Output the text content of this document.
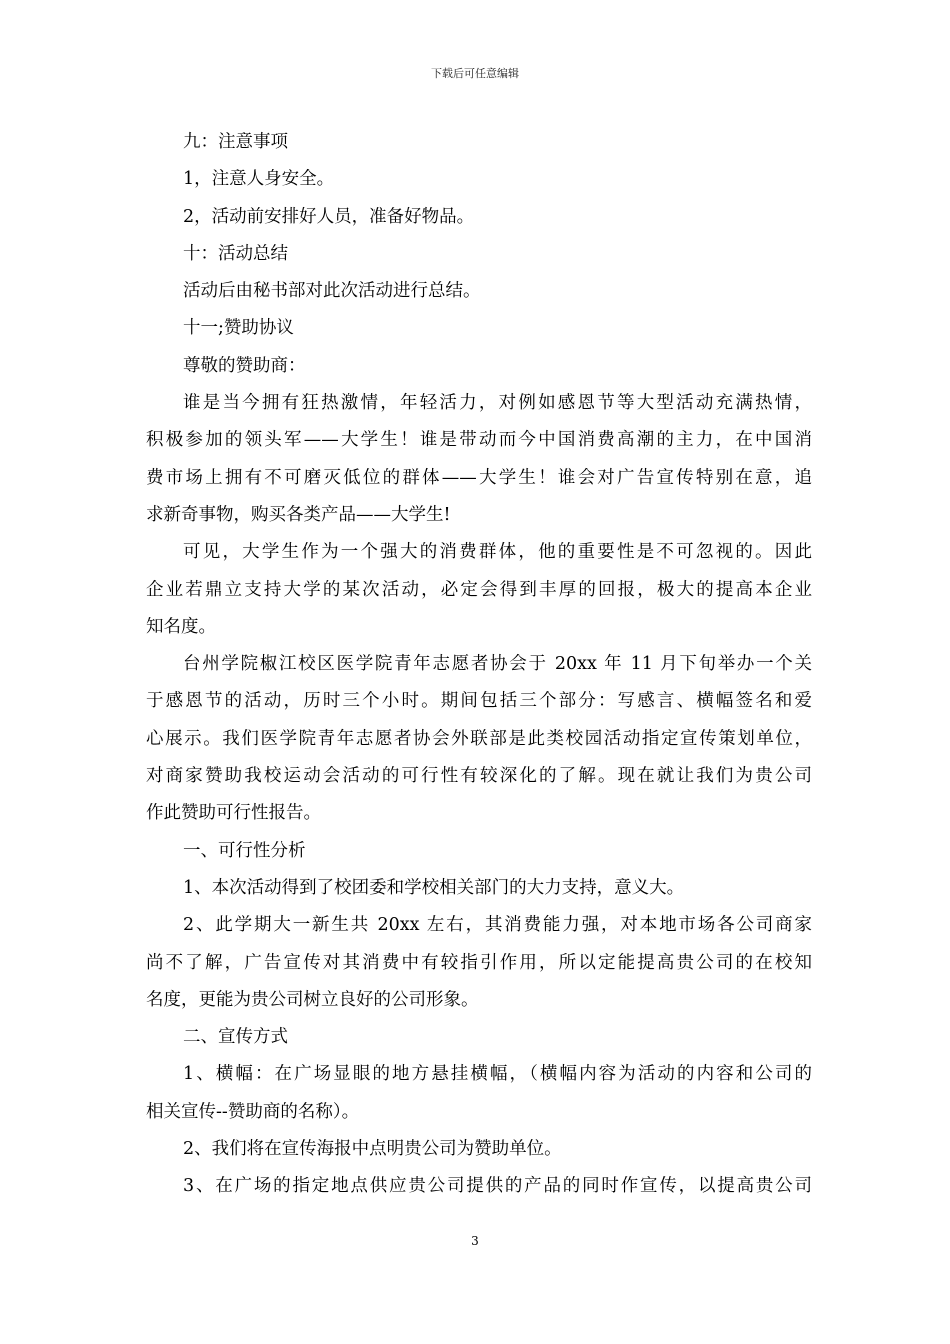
下载后可任意编辑
九：注意事项
1，注意人身安全。
2，活动前安排好人员，准备好物品。
十：活动总结
活动后由秘书部对此次活动进行总结。
十一;赞助协议
尊敬的赞助商：
谁是当今拥有狂热激情，年轻活力，对例如感恩节等大型活动充满热情，
积极参加的领头军——大学生！谁是带动而今中国消费高潮的主力，在中国消
费市场上拥有不可磨灭低位的群体——大学生！谁会对广告宣传特别在意，追
求新奇事物，购买各类产品——大学生!
可见，大学生作为一个强大的消费群体，他的重要性是不可忽视的。因此
企业若鼎立支持大学的某次活动，必定会得到丰厚的回报，极大的提高本企业
知名度。
台州学院椒江校区医学院青年志愿者协会于 20xx 年 11 月下旬举办一个关
于感恩节的活动，历时三个小时。期间包括三个部分：写感言、横幅签名和爱
心展示。我们医学院青年志愿者协会外联部是此类校园活动指定宣传策划单位，
对商家赞助我校运动会活动的可行性有较深化的了解。现在就让我们为贵公司
作此赞助可行性报告。
一、可行性分析
1、本次活动得到了校团委和学校相关部门的大力支持，意义大。
2、此学期大一新生共 20xx 左右，其消费能力强，对本地市场各公司商家
尚不了解，广告宣传对其消费中有较指引作用，所以定能提高贵公司的在校知
名度，更能为贵公司树立良好的公司形象。
二、宣传方式
1、横幅：在广场显眼的地方悬挂横幅，（横幅内容为活动的内容和公司的
相关宣传--赞助商的名称）。
2、我们将在宣传海报中点明贵公司为赞助单位。
3、在广场的指定地点供应贵公司提供的产品的同时作宣传，以提高贵公司
3
